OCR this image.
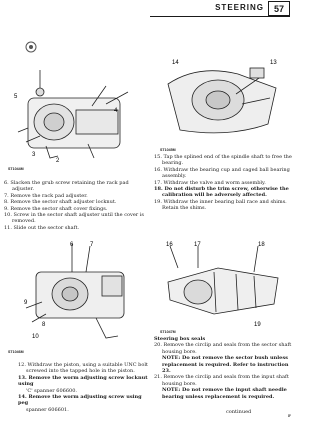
STEERING	57
5
4
3
2
ST1044M
14	13
ST1045M

6. Slacken the grub screw retaining the rack pad

adjuster.

7. Remove the rack pad adjuster.

8. Remove the sector shaft adjuster locknut.

9. Remove the sector shaft cover fixings.

10. Screw in the sector shaft adjuster until the cover is

removed.

11. Slide out the sector shaft.

15. Tap the splined end of the spindle shaft to free the

bearing.

16. Withdraw the bearing cup and caged ball bearing

assembly.

17. Withdraw the valve and worm assembly.

18. Do not disturb the trim screw, otherwise the

calibration will be adversely affected.

19. Withdraw the inner bearing ball race and shims.

Retain the shims.

6	7
9
10
8
ST1046M
16	17	18
19
ST1047M

12. Withdraw the piston, using a suitable UNC bolt

screwed into the tapped hole in the piston.

13. Remove the worm adjusting screw locknut using

'C' spanner 606600.

14. Remove the worm adjusting screw using peg

spanner 606601.

Steering box seals

20. Remove the circlip and seals from the sector shaft

housing bore.

NOTE: Do not remove the sector bush unless

replacement is required. Refer to instruction 23.

21. Remove the circlip and seals from the input shaft

housing bore.

NOTE: Do not remove the input shaft needle

bearing unless replacement is required.

continued
F
